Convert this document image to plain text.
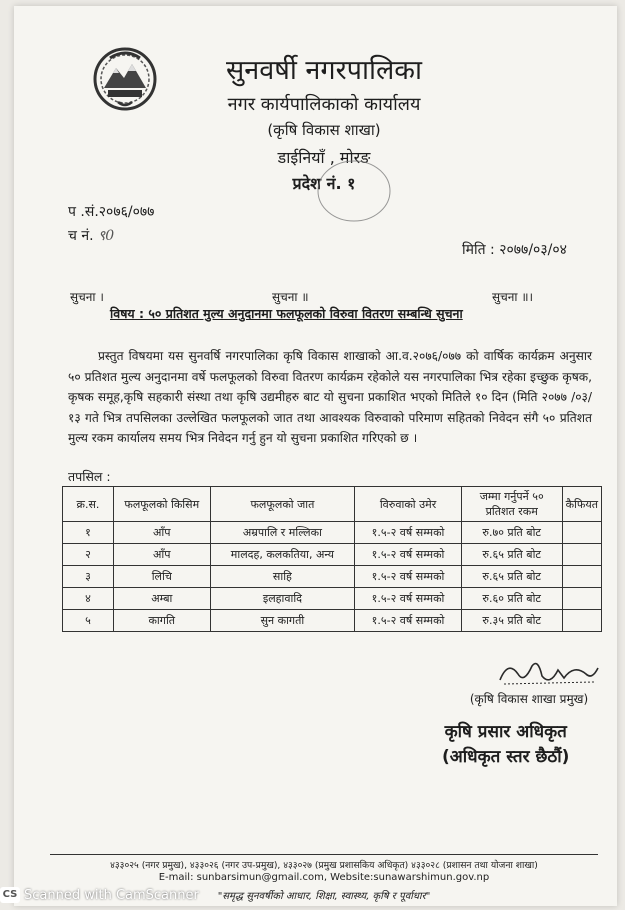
सुनवर्षी नगरपालिका
नगर कार्यपालिकाको कार्यालय
(कृषि विकास शाखा)
डाईनियाँ , मोरङ
प्रदेश नं. १
प .सं.२०७६/०७७
च नं. ९0
मिति : २०७७/०३/०४
सुचना ।	सुचना ॥	सुचना ॥।
विषय : ५० प्रतिशत मुल्य अनुदानमा फलफूलको विरुवा वितरण सम्बन्धि सुचना
प्रस्तुत विषयमा यस सुनवर्षि नगरपालिका कृषि विकास शाखाको आ.व.२०७६/०७७ को वार्षिक कार्यक्रम अनुसार ५० प्रतिशत मुल्य अनुदानमा वर्षे फलफूलको विरुवा वितरण कार्यक्रम रहेकोले यस नगरपालिका भित्र रहेका इच्छुक कृषक, कृषक समूह,कृषि सहकारी संस्था तथा कृषि उद्यमीहरु बाट यो सुचना प्रकाशित भएको मितिले १० दिन (मिति २०७७ /०३/ १३ गते भित्र तपसिलका उल्लेखित फलफूलको जात तथा आवश्यक विरुवाको परिमाण सहितको निवेदन संगै ५० प्रतिशत मुल्य रकम कार्यालय समय भित्र निवेदन गर्नु हुन यो सुचना प्रकाशित गरिएको छ ।
तपसिल :
क्र.स.	फलफूलको किसिम	फलफूलको जात	विरुवाको उमेर	जम्मा गर्नुपर्ने ५० प्रतिशत रकम	कैफियत
१	आँप	अम्रपालि र मल्लिका	१.५-२ वर्ष सम्मको	रु.७० प्रति बोट	
२	आँप	मालदह, कलकतिया, अन्य	१.५-२ वर्ष सम्मको	रु.६५ प्रति बोट	
३	लिचि	साहि	१.५-२ वर्ष सम्मको	रु.६५ प्रति बोट	
४	अम्बा	इलहावादि	१.५-२ वर्ष सम्मको	रु.६० प्रति बोट	
५	कागति	सुन कागती	१.५-२ वर्ष सम्मको	रु.३५ प्रति बोट	
(कृषि विकास शाखा प्रमुख)
कृषि प्रसार अधिकृत
(अधिकृत स्तर छैठौं)
४३३०२५ (नगर प्रमुख), ४३३०२६ (नगर उप-प्रमुख), ४३३०२७ (प्रमुख प्रशासकिय अधिकृत) ४३३०२८ (प्रशासन तथा योजना शाखा)
E-mail: sunbarsimun@gmail.com, Website:sunawarshimun.gov.np
"समृद्ध सुनवर्षीको आधार, शिक्षा, स्वास्थ्य, कृषि र पूर्वाधार"
CS Scanned with CamScanner
